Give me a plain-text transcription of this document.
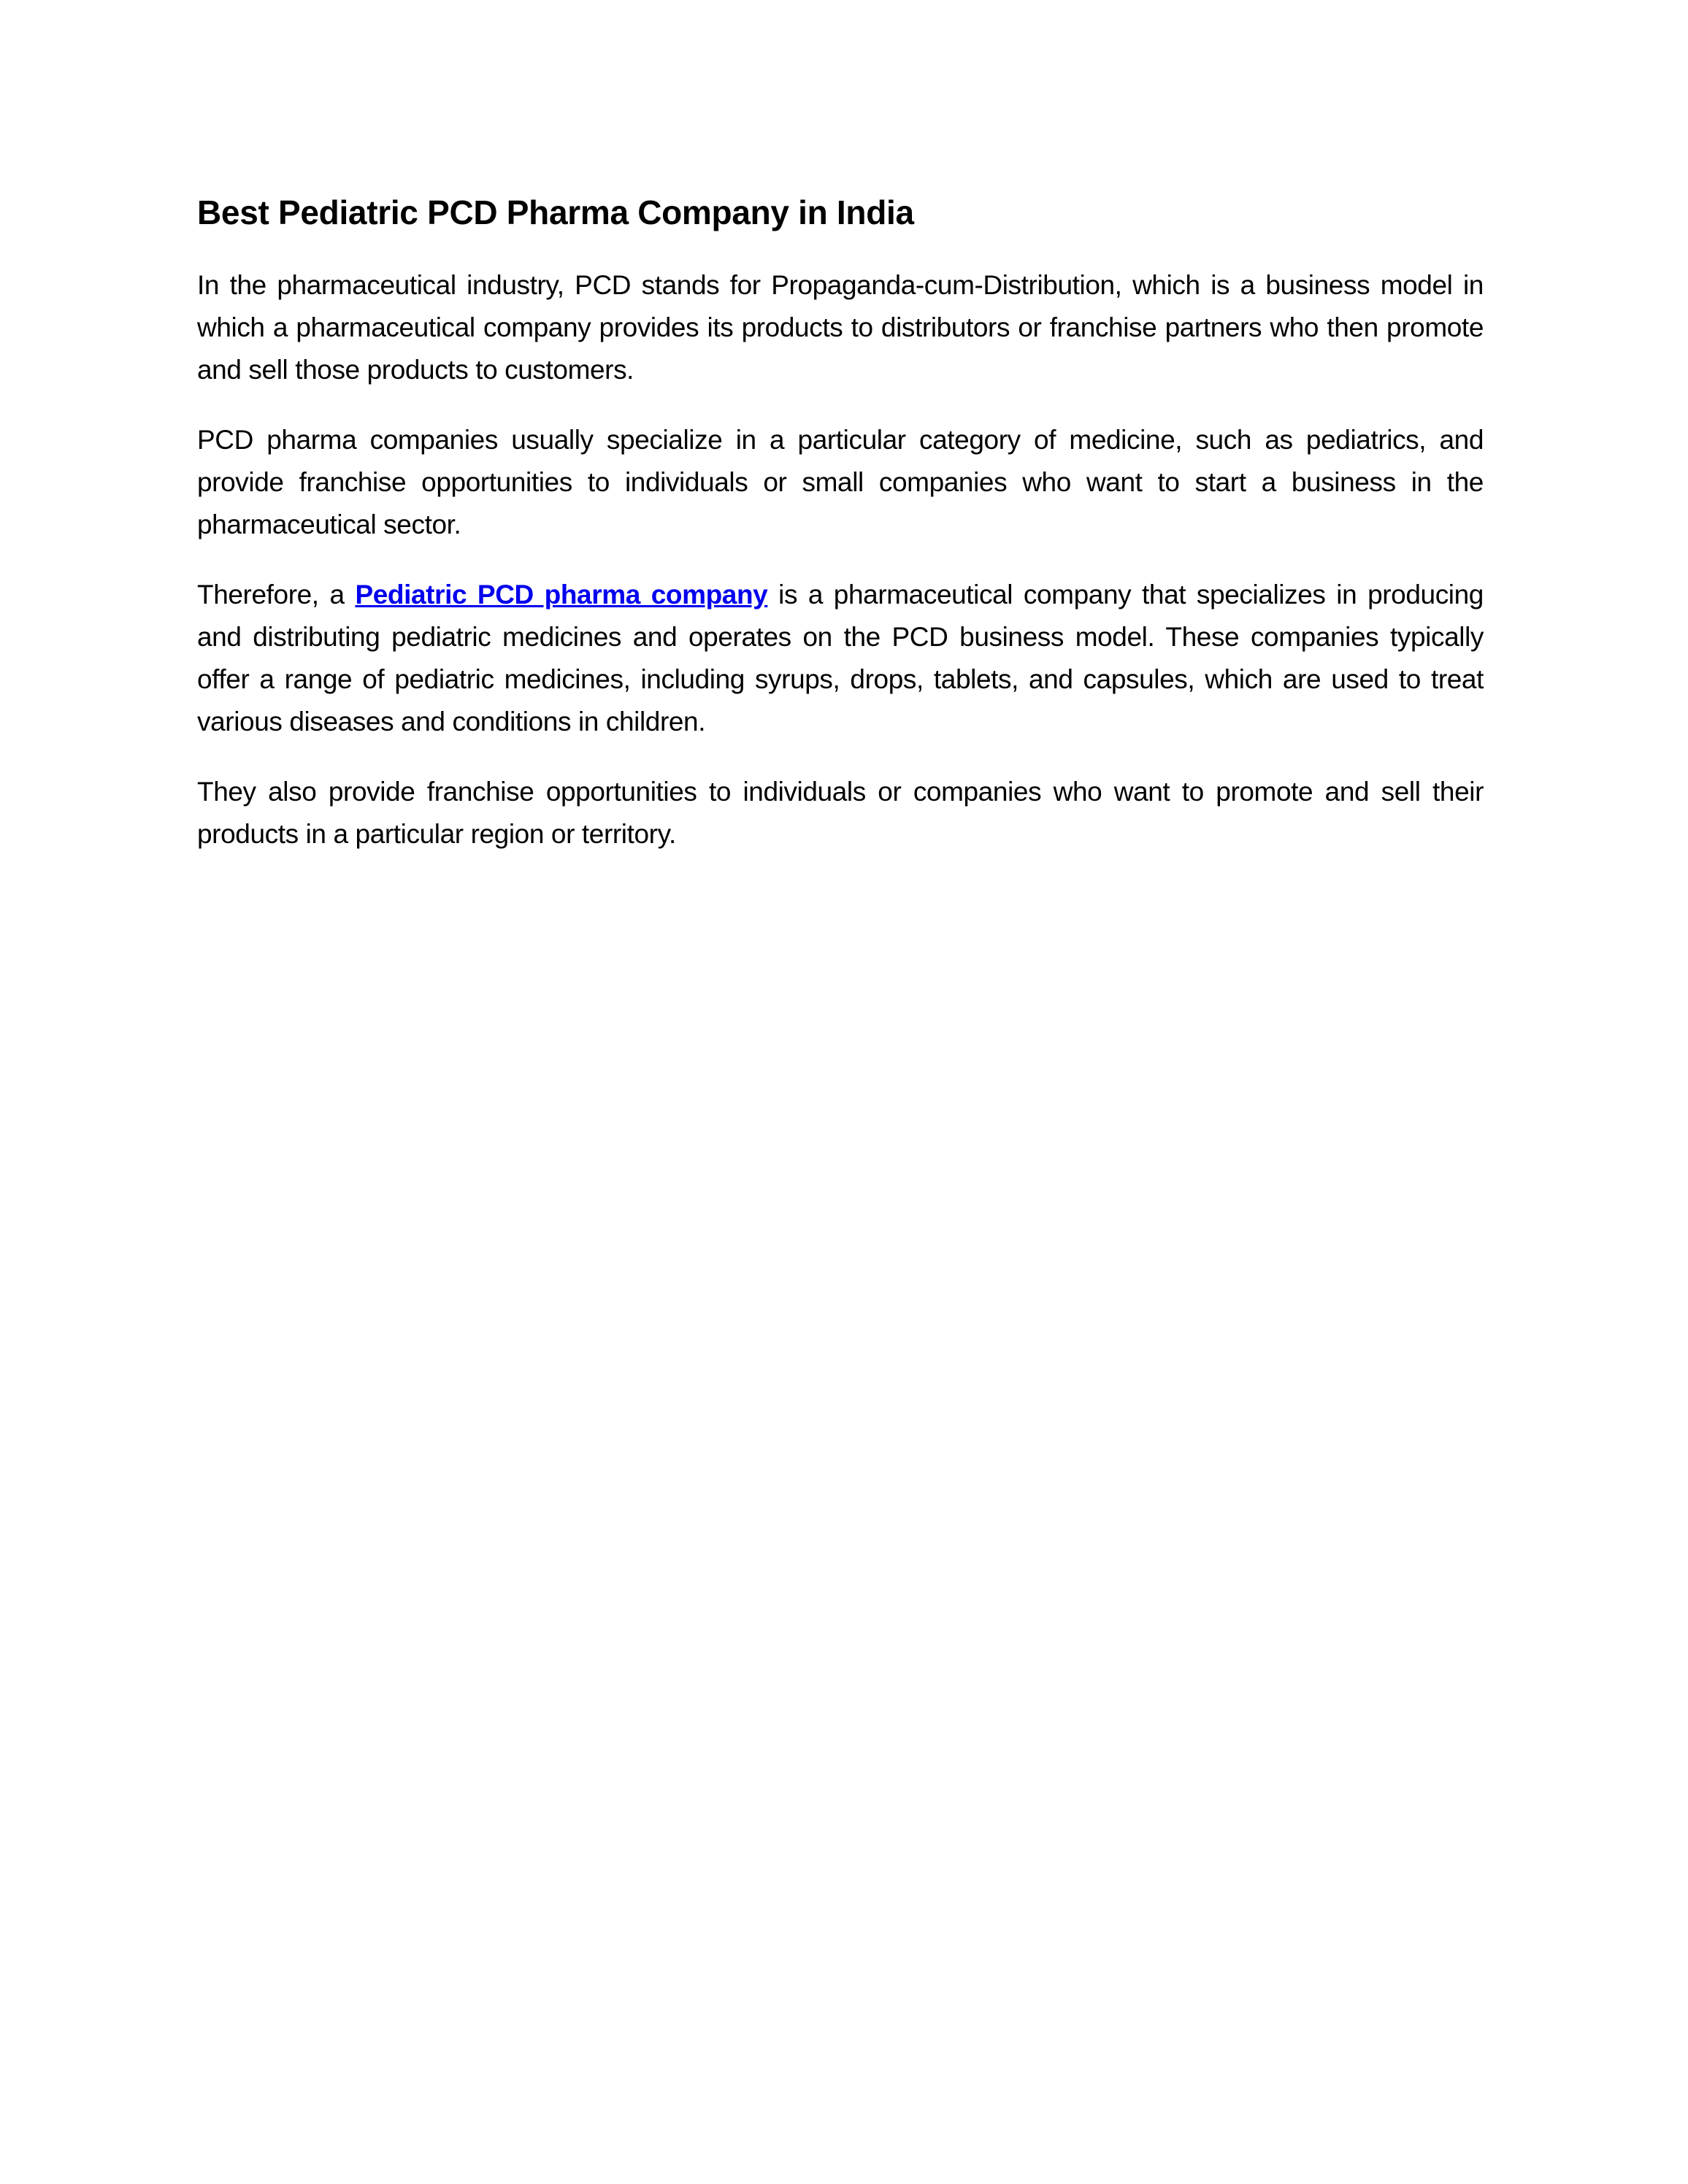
Best Pediatric PCD Pharma Company in India

In the pharmaceutical industry, PCD stands for Propaganda-cum-Distribution, which is a business model in which a pharmaceutical company provides its products to distributors or franchise partners who then promote and sell those products to customers.

PCD pharma companies usually specialize in a particular category of medicine, such as pediatrics, and provide franchise opportunities to individuals or small companies who want to start a business in the pharmaceutical sector.

Therefore, a Pediatric PCD pharma company is a pharmaceutical company that specializes in producing and distributing pediatric medicines and operates on the PCD business model. These companies typically offer a range of pediatric medicines, including syrups, drops, tablets, and capsules, which are used to treat various diseases and conditions in children.

They also provide franchise opportunities to individuals or companies who want to promote and sell their products in a particular region or territory.
